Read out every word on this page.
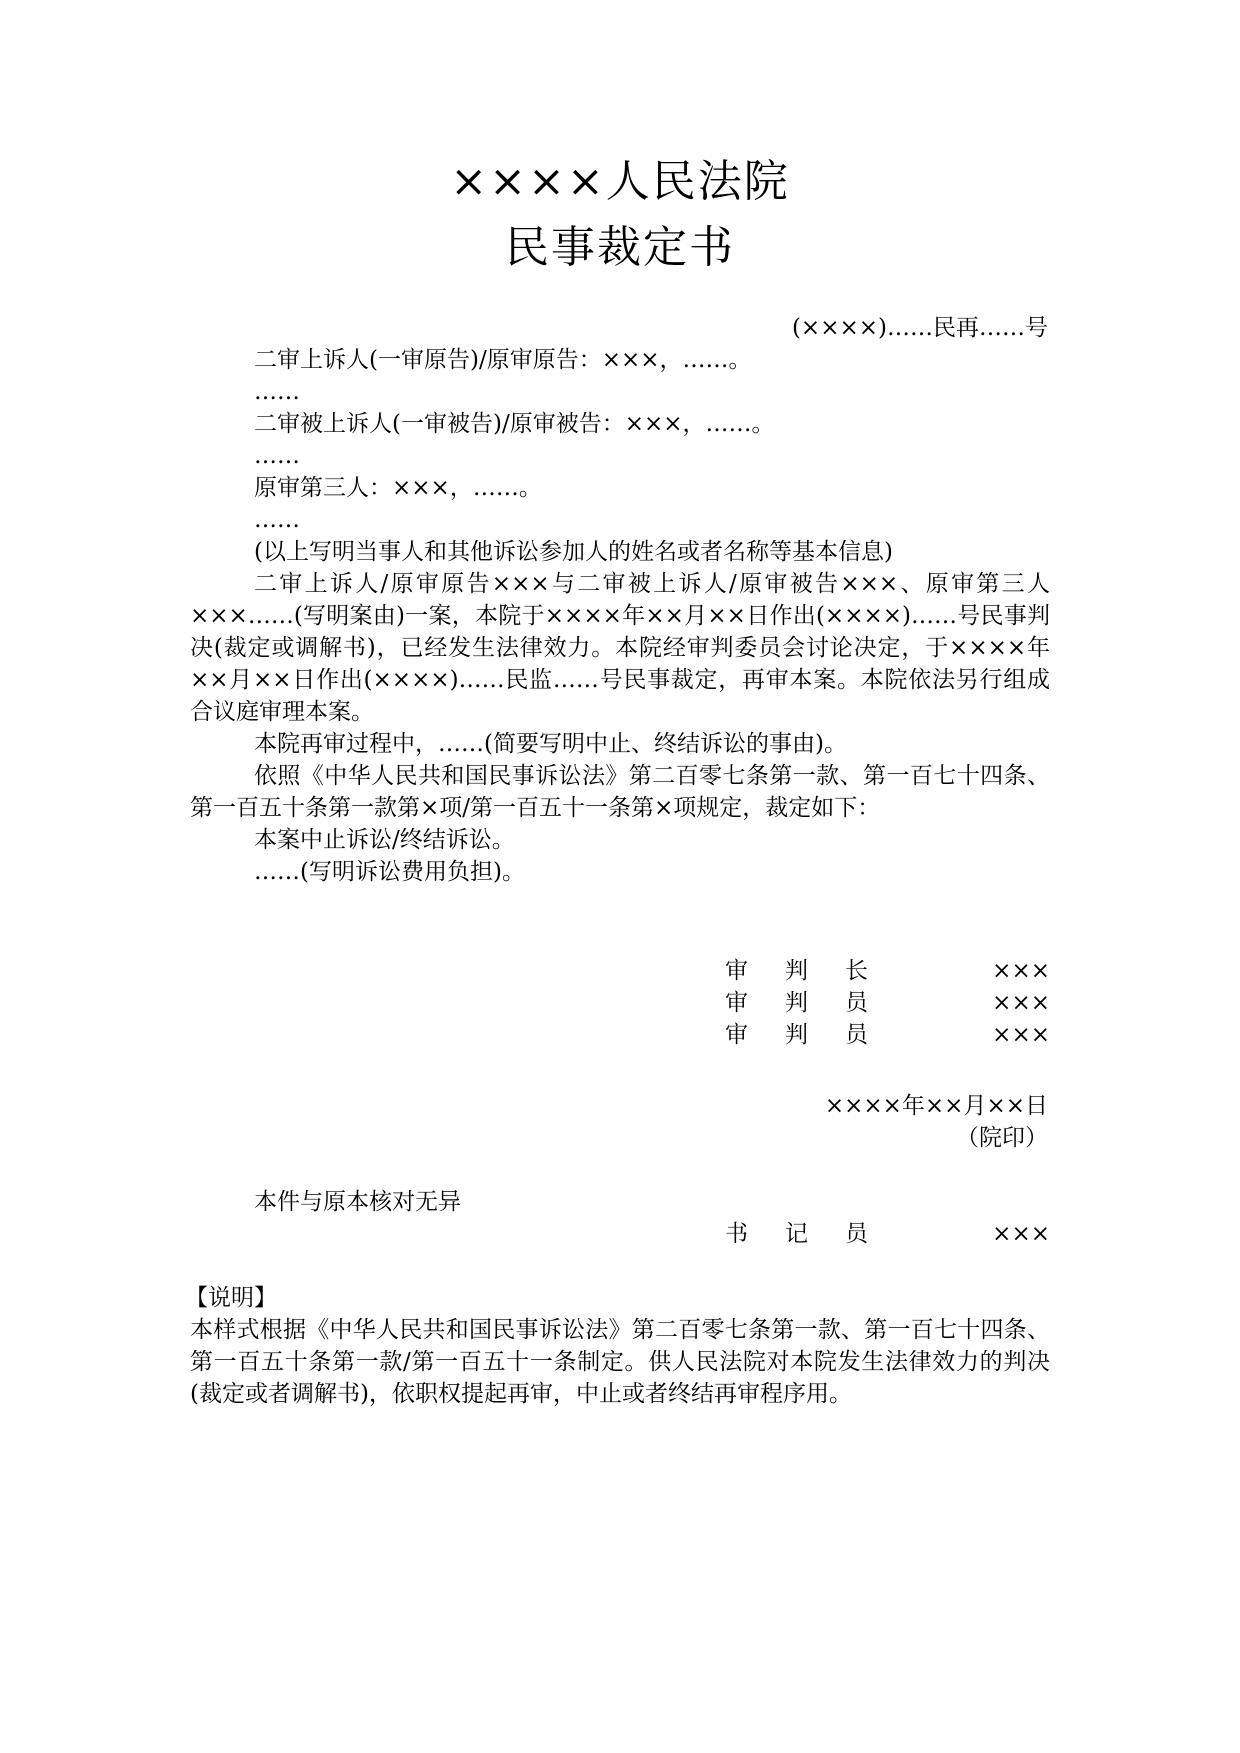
××××人民法院
民事裁定书
(××××)……民再……号
二审上诉人(一审原告)/原审原告：×××，……。
……
二审被上诉人(一审被告)/原审被告：×××，……。
……
原审第三人：×××，……。
……
(以上写明当事人和其他诉讼参加人的姓名或者名称等基本信息)
二审上诉人/原审原告×××与二审被上诉人/原审被告×××、原审第三人×××……(写明案由)一案，本院于××××年××月××日作出(××××)……号民事判决(裁定或调解书)，已经发生法律效力。本院经审判委员会讨论决定，于××××年××月××日作出(××××)……民监……号民事裁定，再审本案。本院依法另行组成合议庭审理本案。
本院再审过程中，……(简要写明中止、终结诉讼的事由)。
依照《中华人民共和国民事诉讼法》第二百零七条第一款、第一百七十四条、第一百五十条第一款第×项/第一百五十一条第×项规定，裁定如下：
本案中止诉讼/终结诉讼。
……(写明诉讼费用负担)。
审 判 长	×××
审 判 员	×××
审 判 员	×××
××××年××月××日
（院印）
本件与原本核对无异
书 记 员	×××
【说明】
本样式根据《中华人民共和国民事诉讼法》第二百零七条第一款、第一百七十四条、第一百五十条第一款/第一百五十一条制定。供人民法院对本院发生法律效力的判决(裁定或者调解书)，依职权提起再审，中止或者终结再审程序用。
